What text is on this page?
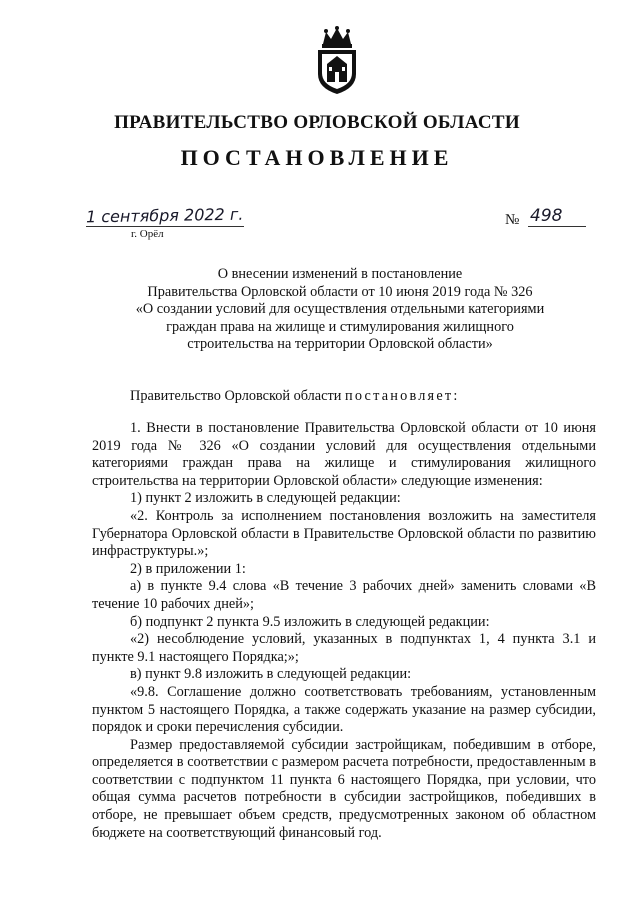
ПРАВИТЕЛЬСТВО ОРЛОВСКОЙ ОБЛАСТИ
ПОСТАНОВЛЕНИЕ
1 сентября 2022 г.
г. Орёл
№ 498
О внесении изменений в постановление
Правительства Орловской области от 10 июня 2019 года № 326
«О создании условий для осуществления отдельными категориями
граждан права на жилище и стимулирования жилищного
строительства на территории Орловской области»
Правительство Орловской области постановляет:

1. Внести в постановление Правительства Орловской области от 10 июня 2019 года № 326 «О создании условий для осуществления отдельными категориями граждан права на жилище и стимулирования жилищного строительства на территории Орловской области» следующие изменения:

1) пункт 2 изложить в следующей редакции:

«2. Контроль за исполнением постановления возложить на заместителя Губернатора Орловской области в Правительстве Орловской области по развитию инфраструктуры.»;

2) в приложении 1:

а) в пункте 9.4 слова «В течение 3 рабочих дней» заменить словами «В течение 10 рабочих дней»;

б) подпункт 2 пункта 9.5 изложить в следующей редакции:

«2) несоблюдение условий, указанных в подпунктах 1, 4 пункта 3.1 и пункте 9.1 настоящего Порядка;»;

в) пункт 9.8 изложить в следующей редакции:

«9.8. Соглашение должно соответствовать требованиям, установленным пунктом 5 настоящего Порядка, а также содержать указание на размер субсидии, порядок и сроки перечисления субсидии.

Размер предоставляемой субсидии застройщикам, победившим в отборе, определяется в соответствии с размером расчета потребности, предоставленным в соответствии с подпунктом 11 пункта 6 настоящего Порядка, при условии, что общая сумма расчетов потребности в субсидии застройщиков, победивших в отборе, не превышает объем средств, предусмотренных законом об областном бюджете на соответствующий финансовый год.
